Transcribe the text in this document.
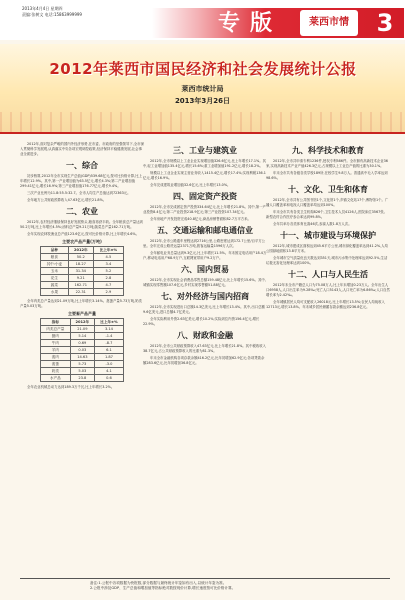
2013年4月4日 星期四
责编:张树文 电话:15863999999	专版	莱西市情	3
2012年莱西市国民经济和社会发展统计公报
莱西市统计局
2013年3月26日

2012年,面对复杂严峻的国内外经济形势,在市委、市政府的坚强领导下,全市深入贯彻科学发展观,认真落实中央各项宏观调控政策,经济保持平稳健康发展,社会事业全面进步。

一、综合

初步核算,2012年全市实现生产总值(GDP)539.68亿元,按可比价格计算,比上年增长12.9%。其中,第一产业增加值为63.5亿元,增长4.3%;第二产业增加值299.41亿元,增长16.9%;第三产业增加值176.77亿元,增长9.4%。

三次产业比例为11.8:55.5:32.7。全市人均生产总值达到72363元。

全年地方公共财政预算收入47.63亿元,增长21.8%。

二、农业

2012年,农村经济继续保持良好发展势头,粮食再获丰收。全年粮食总产量达到50.2万吨,比上年增长4.5%;油料总产量9.21万吨;蔬菜总产量162.71万吨。

全年实现农林牧渔业总产值123.6亿元,按可比价格计算,比上年增长4.6%。

主要农产品产量(万吨)
品种	2012年	比上年±%
粮食	50.2	4.5
其中:小麦	18.27	3.4
玉米	31.34	5.2
花生	9.21	2.8
蔬菜	162.71	4.7
水果	22.31	2.9

全年肉类总产量达到21.09万吨,比上年增长3.14%。禽蛋产量5.73万吨,奶类产量5.03万吨。

主要畜产品产量
指标	2012年	比上年±%
肉类总产量	21.09	3.14
猪肉	5.14	-1.4
牛肉	0.69	-8.7
羊肉	0.03	6.1
禽肉	14.63	1.87
禽蛋	5.73	-3.0
奶类	5.03	4.1
水产品	23.8	0.6

全年农业机械总动力达到189.3万千瓦,比上年增长3.2%。

三、工业与建筑业

2012年,全市规模以上工业企业实现增加值326.6亿元,比上年增长17.1%。其中,轻工业增加值135.4亿元,增长15.6%;重工业增加值191.2亿元,增长18.2%。

规模以上工业企业实现主营业务收入1415.4亿元,增长17.4%;实现利税136.1亿元,增长16.9%。

全年完成建筑业增加值32.6亿元,比上年增长13.0%。

四、固定资产投资

2012年,全市完成固定资产投资334.64亿元,比上年增长21.8%。其中,第一产业投资8.4亿元;第二产业投资218.9亿元;第三产业投资107.34亿元。

全年房地产开发投资完成40.8亿元,商品房销售面积82.7万平方米。

五、交通运输和邮电通信业

2012年,全市公路通车里程达到2716公里,公路密度达到172.7公里/百平方公里。全年完成公路货运量2371万吨,旅客运输量1596万人次。

全年邮电业务总量达到9.3亿元,比上年增长11.5%。年末固定电话用户18.4万户,移动电话用户68.9万户,互联网宽带用户9.2万户。

六、国内贸易

2012年,全市实现社会消费品零售总额159.48亿元,比上年增长15.6%。其中,城镇实现零售额107.6亿元,乡村实现零售额51.88亿元。

七、对外经济与国内招商

2012年,全市实现进出口总额14.3亿美元,比上年增长13.4%。其中,出口总额9.6亿美元,进口总额4.7亿美元。

全年实际利用外资2.63亿美元,增长10.2%;实际到位内资156.4亿元,增长22.9%。

八、财政和金融

2012年,全市公共财政预算收入47.63亿元,比上年增长21.8%。其中税收收入38.7亿元,占公共财政预算收入的比重为81.3%。

年末全市金融机构各项存款余额416.2亿元,比年初增加62.9亿元;各项贷款余额283.6亿元,比年初增加36.8亿元。

九、科学技术和教育

2012年,全市共申请专利1236件,授权专利586件。全市拥有高新技术企业36家,实现高新技术产业产值426.3亿元,占规模以上工业总产值的比重为30.1%。

年末全市共有各级各类学校189所,在校学生9.8万人。普通高中毛入学率达到98.6%。

十、文化、卫生和体育

2012年,全市共有公共图书馆1个,文化馆1个,乡镇文化站17个,博物馆1个。广播人口覆盖率和电视人口覆盖率均达到100%。

年末全市共有各类卫生机构826个,卫生技术人员4126人,医院床位3567张。新型农村合作医疗参合率达到99.8%。

全年共举办各类体育比赛46次,参赛人数1.8万人次。

十一、城市建设与环境保护

2012年,城市建成区面积达到45.6平方公里,城市绿化覆盖率达到41.2%,人均公园绿地面积13.8平方米。

全年城市空气质量优良天数达到351天,城市污水集中处理率达到92.5%,生活垃圾无害化处理率达到100%。

十二、人口与人民生活

2012年末全市户籍总人口为75.08万人,比上年末增加0.23万人。全年出生人口6958人,人口出生率为9.28‰;死亡人口5143人,人口死亡率为6.86‰;人口自然增长率为2.42‰。

全年城镇居民人均可支配收入26018元,比上年增长13.5%;农民人均纯收入12713元,增长13.8%。年末城乡居民储蓄存款余额达到236.8亿元。

备注:1.公报中各项数据为快报数,部分数据与最终统计年鉴如有出入,以统计年鉴为准。
2.公报中涉及GDP、生产总值和增加值等指标绝对数按现价计算,增长速度按可比价格计算。
